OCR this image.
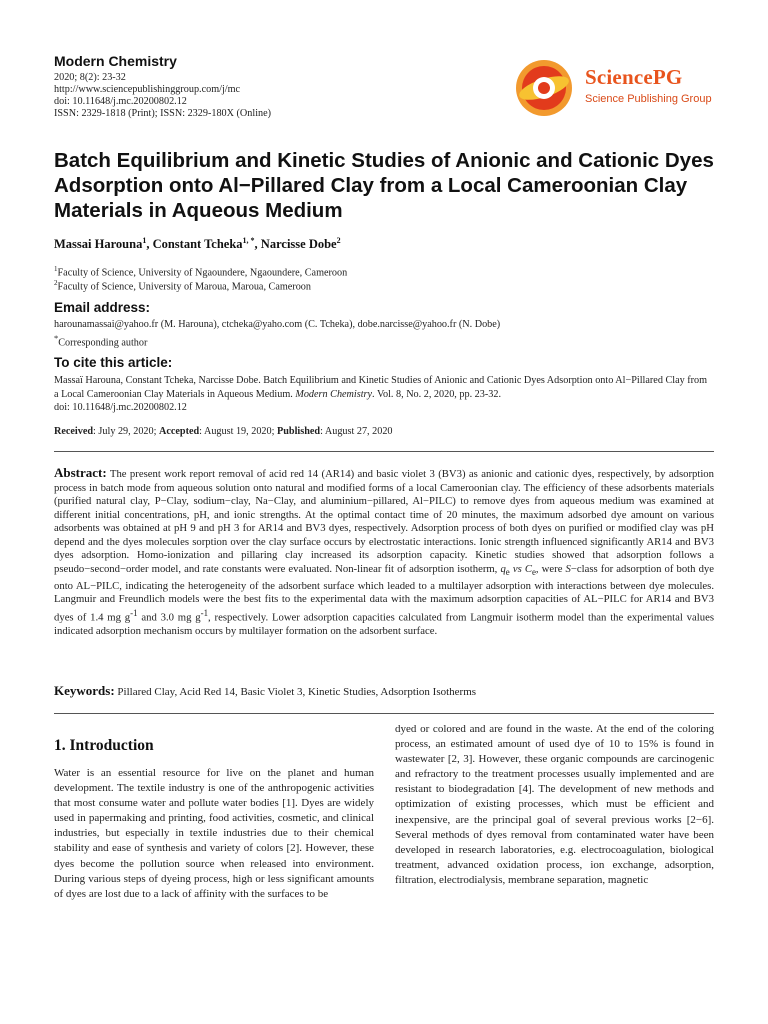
Modern Chemistry
2020; 8(2): 23-32
http://www.sciencepublishinggroup.com/j/mc
doi: 10.11648/j.mc.20200802.12
ISSN: 2329-1818 (Print); ISSN: 2329-180X (Online)
SciencePG
Science Publishing Group
Batch Equilibrium and Kinetic Studies of Anionic and Cationic Dyes Adsorption onto Al−Pillared Clay from a Local Cameroonian Clay Materials in Aqueous Medium
Massai Harouna$^1$, Constant Tcheka$^{1, *}$, Narcisse Dobe$^2$
$^1$Faculty of Science, University of Ngaoundere, Ngaoundere, Cameroon
$^2$Faculty of Science, University of Maroua, Maroua, Cameroon
Email address:
harounamassai@yahoo.fr (M. Harouna), ctcheka@yaho.com (C. Tcheka), dobe.narcisse@yahoo.fr (N. Dobe)
*Corresponding author
To cite this article:
Massaï Harouna, Constant Tcheka, Narcisse Dobe. Batch Equilibrium and Kinetic Studies of Anionic and Cationic Dyes Adsorption onto Al−Pillared Clay from a Local Cameroonian Clay Materials in Aqueous Medium. Modern Chemistry. Vol. 8, No. 2, 2020, pp. 23-32.
doi: 10.11648/j.mc.20200802.12
Received: July 29, 2020; Accepted: August 19, 2020; Published: August 27, 2020
Abstract: The present work report removal of acid red 14 (AR14) and basic violet 3 (BV3) as anionic and cationic dyes, respectively, by adsorption process in batch mode from aqueous solution onto natural and modified forms of a local Cameroonian clay. The efficiency of these adsorbents materials (purified natural clay, P−Clay, sodium−clay, Na−Clay, and aluminium−pillared, Al−PILC) to remove dyes from aqueous medium was examined at different initial concentrations, pH, and ionic strengths. At the optimal contact time of 20 minutes, the maximum adsorbed dye amount on various adsorbents was obtained at pH 9 and pH 3 for AR14 and BV3 dyes, respectively. Adsorption process of both dyes on purified or modified clay was pH depend and the dyes molecules sorption over the clay surface occurs by electrostatic interactions. Ionic strength influenced significantly AR14 and BV3 dyes adsorption. Homo-ionization and pillaring clay increased its adsorption capacity. Kinetic studies showed that adsorption follows a pseudo−second−order model, and rate constants were evaluated. Non-linear fit of adsorption isotherm, $q_e$ vs $C_e$, were S−class for adsorption of both dye onto AL−PILC, indicating the heterogeneity of the adsorbent surface which leaded to a multilayer adsorption with interactions between dye molecules. Langmuir and Freundlich models were the best fits to the experimental data with the maximum adsorption capacities of AL−PILC for AR14 and BV3 dyes of 1.4 mg $g^{-1}$ and 3.0 mg $g^{-1}$, respectively. Lower adsorption capacities calculated from Langmuir isotherm model than the experimental values indicated adsorption mechanism occurs by multilayer formation on the adsorbent surface.
Keywords: Pillared Clay, Acid Red 14, Basic Violet 3, Kinetic Studies, Adsorption Isotherms
1. Introduction
Water is an essential resource for live on the planet and human development. The textile industry is one of the anthropogenic activities that most consume water and pollute water bodies [1]. Dyes are widely used in papermaking and printing, food activities, cosmetic, and clinical industries, but especially in textile industries due to their chemical stability and ease of synthesis and variety of colors [2]. However, these dyes become the pollution source when released into environment. During various steps of dyeing process, high or less significant amounts of dyes are lost due to a lack of affinity with the surfaces to be
dyed or colored and are found in the waste. At the end of the coloring process, an estimated amount of used dye of 10 to 15% is found in wastewater [2, 3]. However, these organic compounds are carcinogenic and refractory to the treatment processes usually implemented and are resistant to biodegradation [4]. The development of new methods and optimization of existing processes, which must be efficient and inexpensive, are the principal goal of several previous works [2−6]. Several methods of dyes removal from contaminated water have been developed in research laboratories, e.g. electrocoagulation, biological treatment, advanced oxidation process, ion exchange, adsorption, filtration, electrodialysis, membrane separation, magnetic
